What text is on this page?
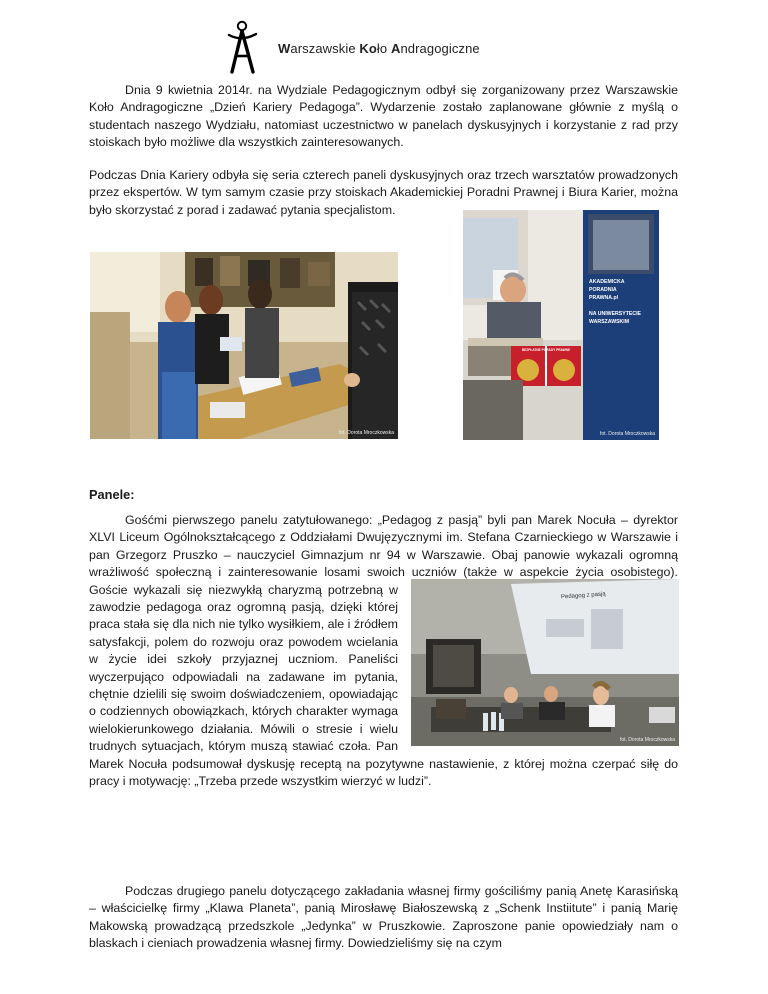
Warszawskie Koło Andragogiczne

Dnia 9 kwietnia 2014r. na Wydziale Pedagogicznym odbył się zorganizowany przez Warszawskie Koło Andragogiczne „Dzień Kariery Pedagoga”. Wydarzenie zostało zaplanowane głównie z myślą o studentach naszego Wydziału, natomiast uczestnictwo w panelach dyskusyjnych i korzystanie z rad przy stoiskach było możliwe dla wszystkich zainteresowanych.

Podczas Dnia Kariery odbyła się seria czterech paneli dyskusyjnych oraz trzech warsztatów prowadzonych przez ekspertów. W tym samym czasie przy stoiskach Akademickiej Poradni Prawnej i Biura Karier, można było skorzystać z porad i zadawać pytania specjalistom.

fot. Dorota Mroczkowska
AKADEMICKA
PORADNIA
PRAWNA.pl
NA UNIWERSYTECIE
WARSZAWSKIM
BEZPŁATNE PORADY PRAWNE
fot. Dorota Mroczkowska

Panele:

Pedagog z pasją
fot. Dorota Mroczkowska
Gośćmi pierwszego panelu zatytułowanego: „Pedagog z pasją” byli pan Marek Nocuła – dyrektor XLVI Liceum Ogólnokształcącego z Oddziałami Dwujęzycznymi im. Stefana Czarnieckiego w Warszawie i pan Grzegorz Pruszko – nauczyciel Gimnazjum nr 94 w Warszawie. Obaj panowie wykazali ogromną wrażliwość społeczną i zainteresowanie losami swoich uczniów (także w aspekcie życia osobistego). Goście wykazali się niezwykłą charyzmą potrzebną w zawodzie pedagoga oraz ogromną pasją, dzięki której praca stała się dla nich nie tylko wysiłkiem, ale i źródłem satysfakcji, polem do rozwoju oraz powodem wcielania w życie idei szkoły przyjaznej uczniom. Paneliści wyczerpująco odpowiadali na zadawane im pytania, chętnie dzielili się swoim doświadczeniem, opowiadając o codziennych obowiązkach, których charakter wymaga wielokierunkowego działania. Mówili o stresie i wielu trudnych sytuacjach, którym muszą stawiać czoła. Pan Marek Nocuła podsumował dyskusję receptą na pozytywne nastawienie, z której można czerpać siłę do pracy i motywację: „Trzeba przede wszystkim wierzyć w ludzi”.

Podczas drugiego panelu dotyczącego zakładania własnej firmy gościliśmy panią Anetę Karasińską – właścicielkę firmy „Klawa Planeta”, panią Mirosławę Białoszewską z „Schenk Instiitute” i panią Marię Makowską prowadzącą przedszkole „Jedynka” w Pruszkowie. Zaproszone panie opowiedziały nam o blaskach i cieniach prowadzenia własnej firmy. Dowiedzieliśmy się na czym
